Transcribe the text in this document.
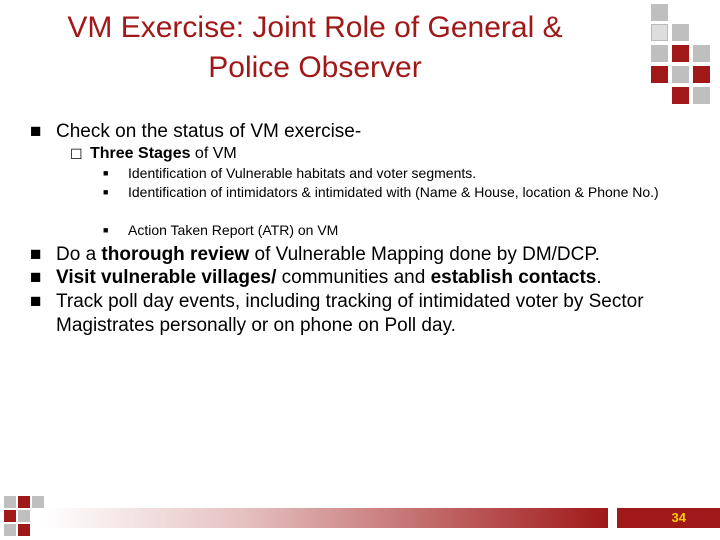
VM Exercise: Joint Role of General &
Police Observer
■ Check on the status of VM exercise-
☐ Three Stages of VM
■ Identification of Vulnerable habitats and voter segments.
■ Identification of intimidators & intimidated with (Name & House, location & Phone No.)
■ Action Taken Report (ATR) on VM
■ Do a thorough review of Vulnerable Mapping done by DM/DCP.
■ Visit vulnerable villages/ communities and establish contacts.
■ Track poll day events, including tracking of intimidated voter by Sector Magistrates personally or on phone on Poll day.
34
